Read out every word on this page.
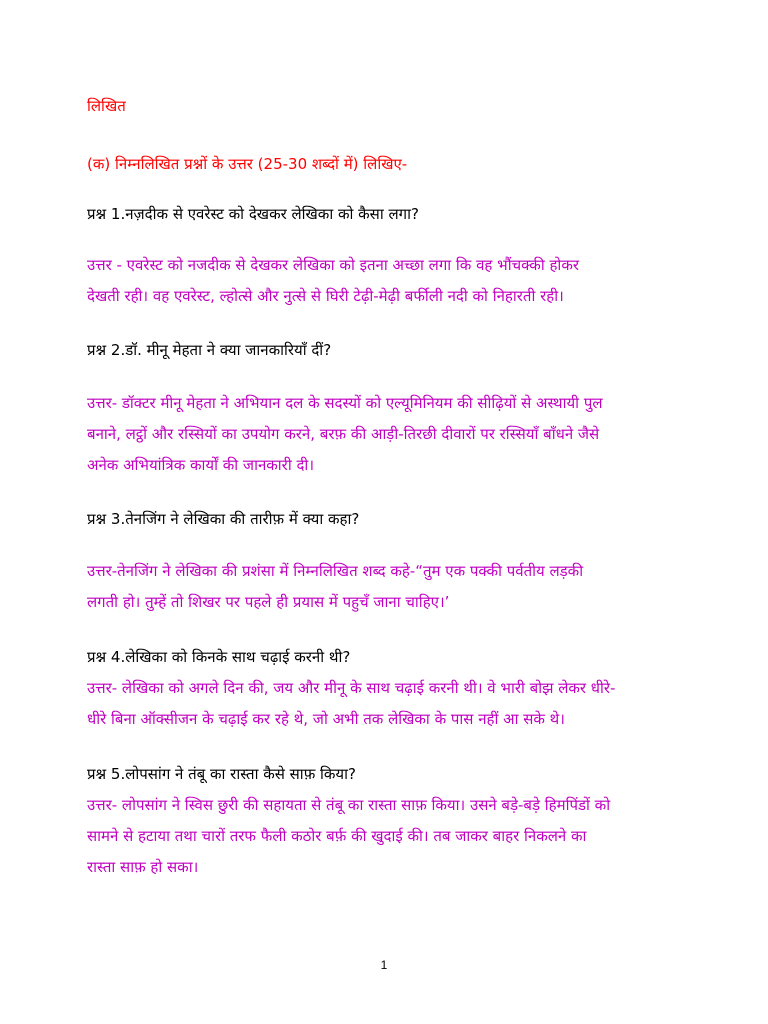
लिखित
(क) निम्नलिखित प्रश्नों के उत्तर (25-30 शब्दों में) लिखिए-
प्रश्न 1.नज़दीक से एवरेस्ट को देखकर लेखिका को कैसा लगा?
उत्तर - एवरेस्ट को नजदीक से देखकर लेखिका को इतना अच्छा लगा कि वह भौंचक्की होकर
देखती रही। वह एवरेस्ट, ल्होत्से और नुत्से से घिरी टेढ़ी-मेढ़ी बर्फीली नदी को निहारती रही।
प्रश्न 2.डॉ. मीनू मेहता ने क्या जानकारियाँ दीं?
उत्तर- डॉक्टर मीनू मेहता ने अभियान दल के सदस्यों को एल्यूमिनियम की सीढ़ियों से अस्थायी पुल
बनाने, लट्ठों और रस्सियों का उपयोग करने, बरफ़ की आड़ी-तिरछी दीवारों पर रस्सियाँ बाँधने जैसे
अनेक अभियांत्रिक कार्यों की जानकारी दी।
प्रश्न 3.तेनजिंग ने लेखिका की तारीफ़ में क्या कहा?
उत्तर-तेनजिंग ने लेखिका की प्रशंसा में निम्नलिखित शब्द कहे-“तुम एक पक्की पर्वतीय लड़की
लगती हो। तुम्हें तो शिखर पर पहले ही प्रयास में पहुचँ जाना चाहिए।’
प्रश्न 4.लेखिका को किनके साथ चढ़ाई करनी थी?
उत्तर- लेखिका को अगले दिन की, जय और मीनू के साथ चढ़ाई करनी थी। वे भारी बोझ लेकर धीरे-
धीरे बिना ऑक्सीजन के चढ़ाई कर रहे थे, जो अभी तक लेखिका के पास नहीं आ सके थे।
प्रश्न 5.लोपसांग ने तंबू का रास्ता कैसे साफ़ किया?
उत्तर- लोपसांग ने स्विस छुरी की सहायता से तंबू का रास्ता साफ़ किया। उसने बड़े-बड़े हिमपिंडों को
सामने से हटाया तथा चारों तरफ फैली कठोर बर्फ़ की खुदाई की। तब जाकर बाहर निकलने का
रास्ता साफ़ हो सका।
1
